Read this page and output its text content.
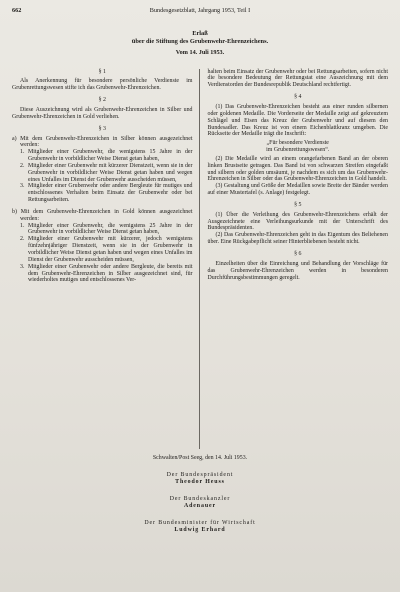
662	Bundesgesetzblatt, Jahrgang 1953, Teil I
Erlaß
über die Stiftung des Grubenwehr-Ehrenzeichens.
Vom 14. Juli 1953.
§ 1

Als Anerkennung für besondere persönliche Verdienste im Grubenrettungswesen stifte ich das Grubenwehr-Ehrenzeichen.

§ 2

Diese Auszeichnung wird als Grubenwehr-Ehrenzeichen in Silber und Grubenwehr-Ehrenzeichen in Gold verliehen.

§ 3

a) Mit dem Grubenwehr-Ehrenzeichen in Silber können ausgezeichnet werden:

1. Mitglieder einer Grubenwehr, die wenigstens 15 Jahre in der Grubenwehr in vorbildlicher Weise Dienst getan haben,
2. Mitglieder einer Grubenwehr mit kürzerer Dienstzeit, wenn sie in der Grubenwehr in vorbildlicher Weise Dienst getan haben und wegen eines Unfalles im Dienst der Grubenwehr ausscheiden müssen,
3. Mitglieder einer Grubenwehr oder andere Bergleute für mutiges und entschlossenes Verhalten beim Einsatz der Grubenwehr oder bei Rettungsarbeiten.

b) Mit dem Grubenwehr-Ehrenzeichen in Gold können ausgezeichnet werden:

1. Mitglieder einer Grubenwehr, die wenigstens 25 Jahre in der Grubenwehr in vorbildlicher Weise Dienst getan haben,
2. Mitglieder einer Grubenwehr mit kürzerer, jedoch wenigstens fünfzehnjähriger Dienstzeit, wenn sie in der Grubenwehr in vorbildlicher Weise Dienst getan haben und wegen eines Unfalles im Dienst der Grubenwehr ausscheiden müssen,
3. Mitglieder einer Grubenwehr oder andere Bergleute, die bereits mit dem Grubenwehr-Ehrenzeichen in Silber ausgezeichnet sind, für wiederholtes mutiges und entschlossenes Ver-

halten beim Einsatz der Grubenwehr oder bei Rettungsarbeiten, sofern nicht die besondere Bedeutung der Rettungstat eine Auszeichnung mit dem Verdienstorden der Bundesrepublik Deutschland rechtfertigt.

§ 4

(1) Das Grubenwehr-Ehrenzeichen besteht aus einer runden silbernen oder goldenen Medaille. Die Vorderseite der Medaille zeigt auf gekreuztem Schlägel und Eisen das Kreuz der Grubenwehr und auf diesem den Bundesadler. Das Kreuz ist von einem Eichenblattkranz umgeben. Die Rückseite der Medaille trägt die Inschrift:

„Für besondere Verdienste
im Grubenrettungswesen“.

(2) Die Medaille wird an einem orangefarbenen Band an der oberen linken Brustseite getragen. Das Band ist von schwarzen Streifen eingefaßt und silbern oder golden umsäumt, je nachdem es sich um das Grubenwehr-Ehrenzeichen in Silber oder das Grubenwehr-Ehrenzeichen in Gold handelt.

(3) Gestaltung und Größe der Medaillen sowie Breite der Bänder werden auf einer Mustertafel (s. Anlage) festgelegt.

§ 5

(1) Über die Verleihung des Grubenwehr-Ehrenzeichens erhält der Ausgezeichnete eine Verleihungsurkunde mit der Unterschrift des Bundespräsidenten.

(2) Das Grubenwehr-Ehrenzeichen geht in das Eigentum des Beliehenen über. Eine Rückgabepflicht seiner Hinterbliebenen besteht nicht.

§ 6

Einzelheiten über die Einreichung und Behandlung der Vorschläge für das Grubenwehr-Ehrenzeichen werden in besonderen Durchführungsbestimmungen geregelt.

Schwalten/Post Seeg, den 14. Juli 1953.
Der Bundespräsident
Theodor Heuss
Der Bundeskanzler
Adenauer
Der Bundesminister für Wirtschaft
Ludwig Erhard
